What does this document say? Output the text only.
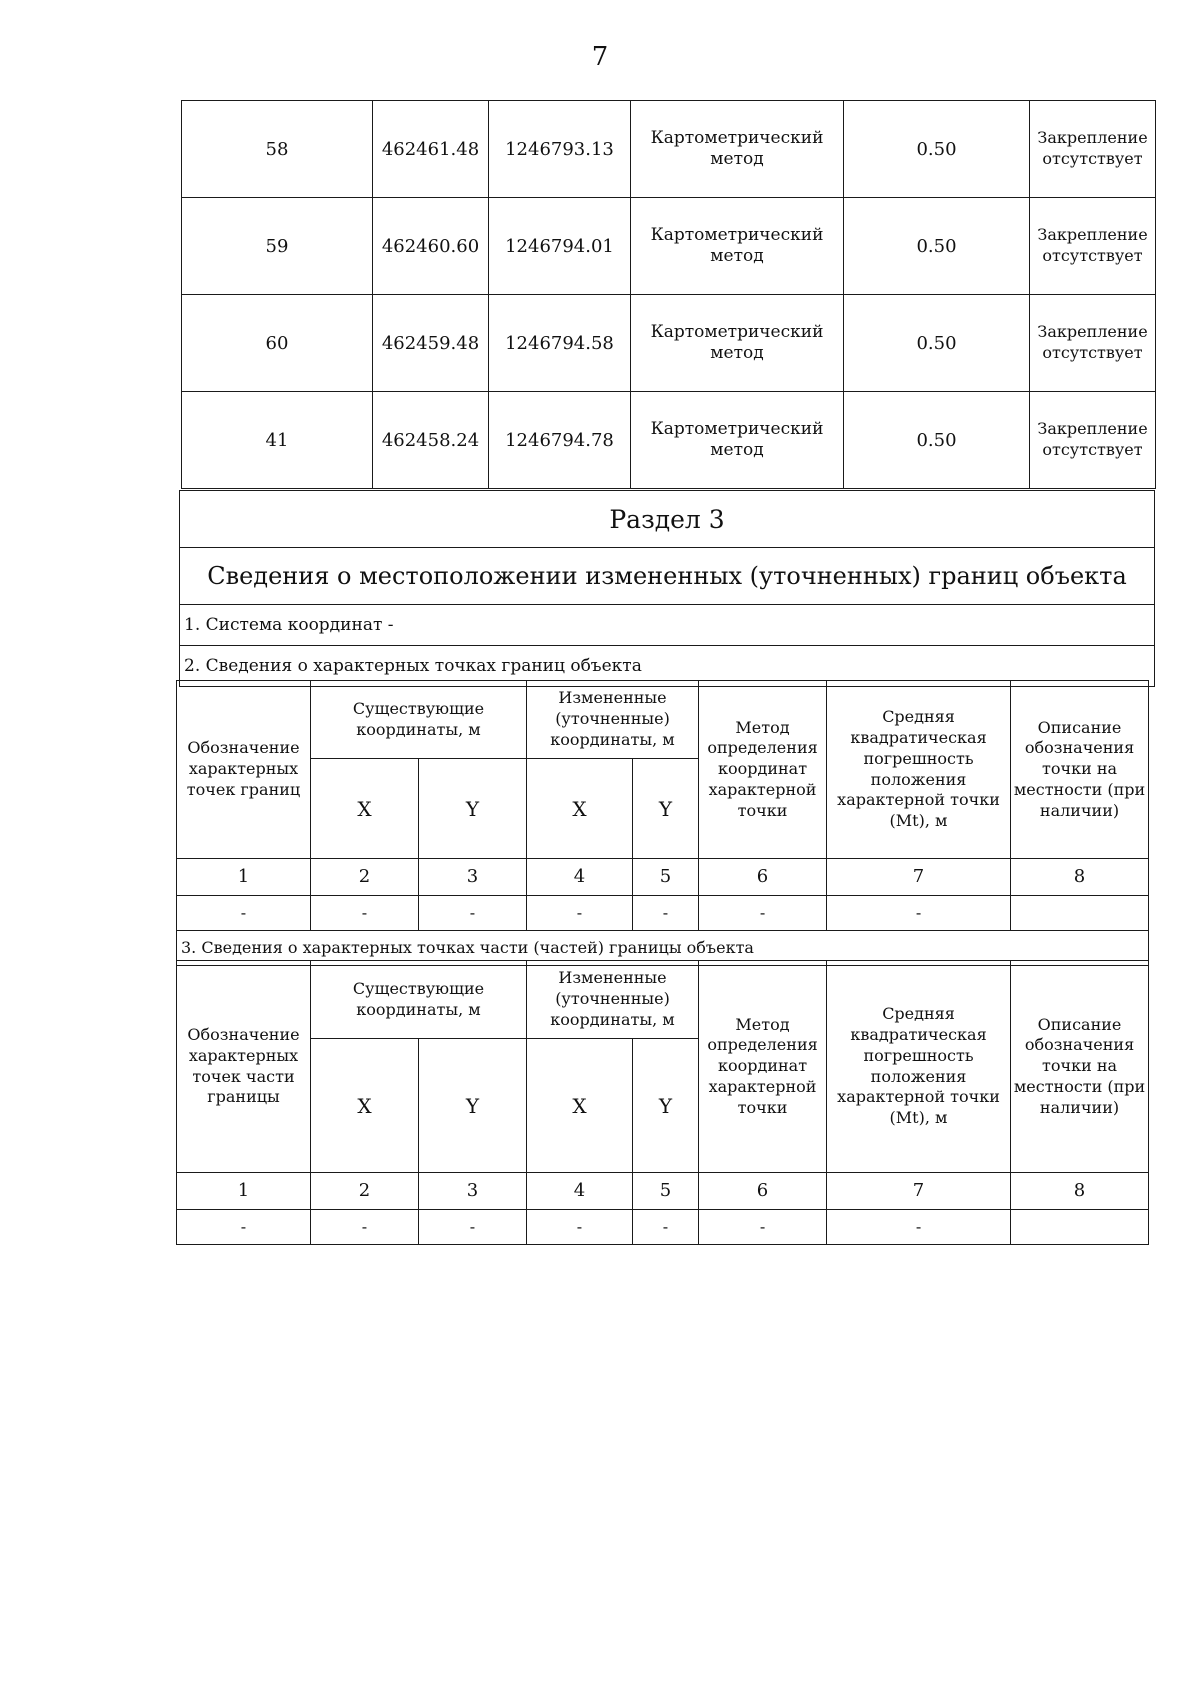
7
58	462461.48	1246793.13	Картометрический метод	0.50	Закрепление отсутствует
59	462460.60	1246794.01	Картометрический метод	0.50	Закрепление отсутствует
60	462459.48	1246794.58	Картометрический метод	0.50	Закрепление отсутствует
41	462458.24	1246794.78	Картометрический метод	0.50	Закрепление отсутствует
Раздел 3
Сведения о местоположении измененных (уточненных) границ объекта
1. Система координат -
2. Сведения о характерных точках границ объекта
Обозначение характерных точек границ	Существующие координаты, м		Измененные (уточненные) координаты, м		Метод определения координат характерной точки	Средняя квадратическая погрешность положения характерной точки (Mt), м	Описание обозначения точки на местности (при наличии)
	X	Y	X	Y			
1	2	3	4	5	6	7	8
-	-	-	-	-	-	-	
3. Сведения о характерных точках части (частей) границы объекта							
Обозначение характерных точек части границы	Существующие координаты, м		Измененные (уточненные) координаты, м		Метод определения координат характерной точки	Средняя квадратическая погрешность положения характерной точки (Mt), м	Описание обозначения точки на местности (при наличии)
	X	Y	X	Y			
1	2	3	4	5	6	7	8
-	-	-	-	-	-	-	
